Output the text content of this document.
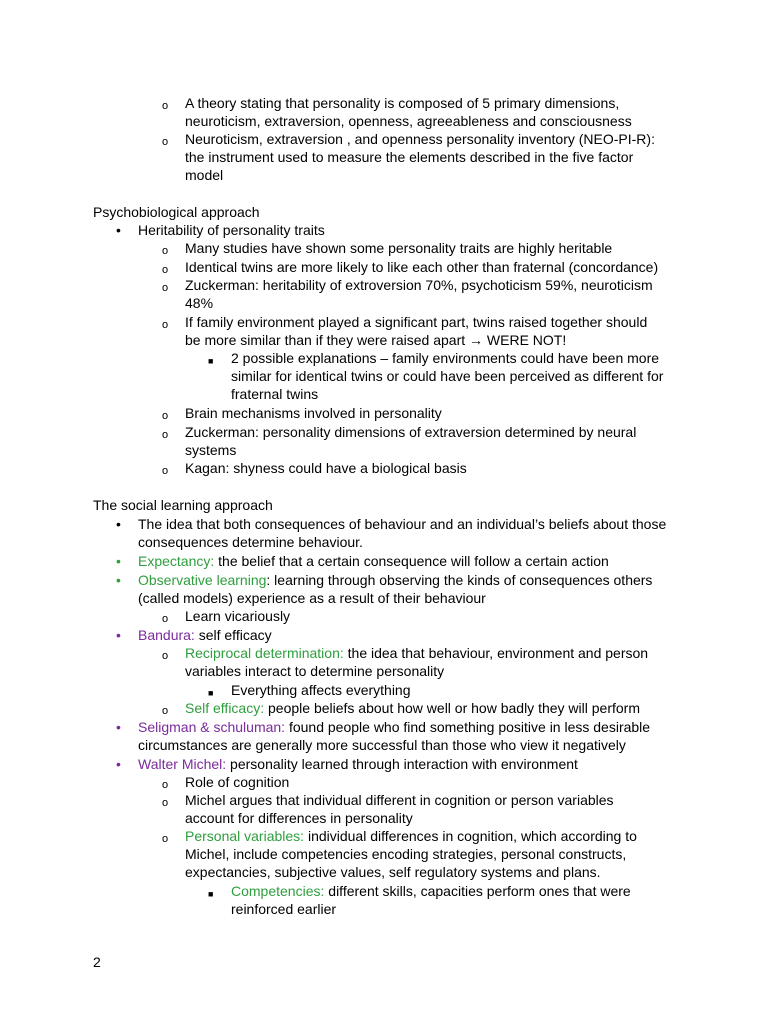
o A theory stating that personality is composed of 5 primary dimensions,
neuroticism, extraversion, openness, agreeableness and consciousness
o Neuroticism, extraversion , and openness personality inventory (NEO-PI-R):
the instrument used to measure the elements described in the five factor
model
Psychobiological approach
• Heritability of personality traits
o Many studies have shown some personality traits are highly heritable
o Identical twins are more likely to like each other than fraternal (concordance)
o Zuckerman: heritability of extroversion 70%, psychoticism 59%, neuroticism
48%
o If family environment played a significant part, twins raised together should
be more similar than if they were raised apart → WERE NOT!
■ 2 possible explanations – family environments could have been more
similar for identical twins or could have been perceived as different for
fraternal twins
o Brain mechanisms involved in personality
o Zuckerman: personality dimensions of extraversion determined by neural
systems
o Kagan: shyness could have a biological basis
The social learning approach
• The idea that both consequences of behaviour and an individual’s beliefs about those
consequences determine behaviour.
• Expectancy: the belief that a certain consequence will follow a certain action
• Observative learning: learning through observing the kinds of consequences others
(called models) experience as a result of their behaviour
o Learn vicariously
• Bandura: self efficacy
o Reciprocal determination: the idea that behaviour, environment and person
variables interact to determine personality
■ Everything affects everything
o Self efficacy: people beliefs about how well or how badly they will perform
• Seligman & schuluman: found people who find something positive in less desirable
circumstances are generally more successful than those who view it negatively
• Walter Michel: personality learned through interaction with environment
o Role of cognition
o Michel argues that individual different in cognition or person variables
account for differences in personality
o Personal variables: individual differences in cognition, which according to
Michel, include competencies encoding strategies, personal constructs,
expectancies, subjective values, self regulatory systems and plans.
■ Competencies: different skills, capacities perform ones that were
reinforced earlier
2
